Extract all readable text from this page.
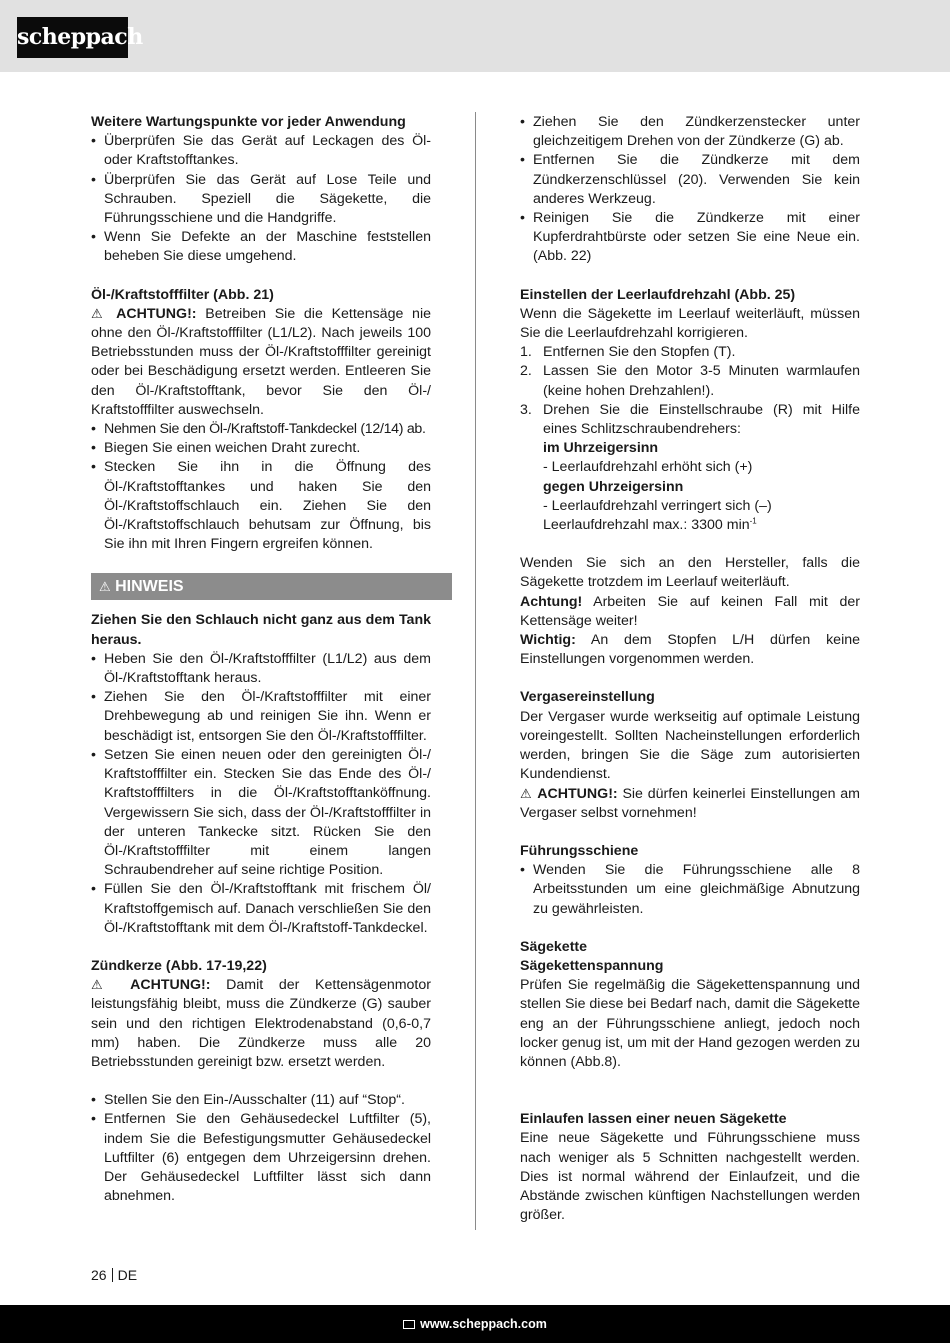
scheppach

Weitere Wartungspunkte vor jeder Anwendung

• Überprüfen Sie das Gerät auf Leckagen des Öl- oder Kraftstofftankes.
• Überprüfen Sie das Gerät auf Lose Teile und Schrauben. Speziell die Sägekette, die Führungsschiene und die Handgriffe.
• Wenn Sie Defekte an der Maschine feststellen beheben Sie diese umgehend.

Öl-/Kraftstofffilter (Abb. 21)

⚠ ACHTUNG!: Betreiben Sie die Kettensäge nie ohne den Öl-/Kraftstofffilter (L1/L2). Nach jeweils 100 Betriebsstunden muss der Öl-/Kraftstofffilter gereinigt oder bei Beschädigung ersetzt werden. Entleeren Sie den Öl-/Kraftstofftank, bevor Sie den Öl-/ Kraftstofffilter auswechseln.

• Nehmen Sie den Öl-/Kraftstoff-Tankdeckel (12/14) ab.
• Biegen Sie einen weichen Draht zurecht.
• Stecken Sie ihn in die Öffnung des Öl-/Kraftstofftankes und haken Sie den Öl-/Kraftstoffschlauch ein. Ziehen Sie den Öl-/Kraftstoffschlauch behutsam zur Öffnung, bis Sie ihn mit Ihren Fingern ergreifen können.
⚠ HINWEIS

Ziehen Sie den Schlauch nicht ganz aus dem Tank heraus.

• Heben Sie den Öl-/Kraftstofffilter (L1/L2) aus dem Öl-/Kraftstofftank heraus.
• Ziehen Sie den Öl-/Kraftstofffilter mit einer Drehbewegung ab und reinigen Sie ihn. Wenn er beschädigt ist, entsorgen Sie den Öl-/Kraftstofffilter.
• Setzen Sie einen neuen oder den gereinigten Öl-/ Kraftstofffilter ein. Stecken Sie das Ende des Öl-/ Kraftstofffilters in die Öl-/Kraftstofftanköffnung. Vergewissern Sie sich, dass der Öl-/Kraftstofffilter in der unteren Tankecke sitzt. Rücken Sie den Öl-/Kraftstofffilter mit einem langen Schraubendreher auf seine richtige Position.
• Füllen Sie den Öl-/Kraftstofftank mit frischem Öl/ Kraftstoffgemisch auf. Danach verschließen Sie den Öl-/Kraftstofftank mit dem Öl-/Kraftstoff-Tankdeckel.

Zündkerze (Abb. 17-19,22)

⚠ ACHTUNG!: Damit der Kettensägenmotor leistungsfähig bleibt, muss die Zündkerze (G) sauber sein und den richtigen Elektrodenabstand (0,6-0,7 mm) haben. Die Zündkerze muss alle 20 Betriebsstunden gereinigt bzw. ersetzt werden.

• Stellen Sie den Ein-/Ausschalter (11) auf “Stop“.
• Entfernen Sie den Gehäusedeckel Luftfilter (5), indem Sie die Befestigungsmutter Gehäusedeckel Luftfilter (6) entgegen dem Uhrzeigersinn drehen. Der Gehäusedeckel Luftfilter lässt sich dann abnehmen.
• Ziehen Sie den Zündkerzenstecker unter gleichzeitigem Drehen von der Zündkerze (G) ab.
• Entfernen Sie die Zündkerze mit dem Zündkerzenschlüssel (20). Verwenden Sie kein anderes Werkzeug.
• Reinigen Sie die Zündkerze mit einer Kupferdrahtbürste oder setzen Sie eine Neue ein. (Abb. 22)

Einstellen der Leerlaufdrehzahl (Abb. 25)

Wenn die Sägekette im Leerlauf weiterläuft, müssen Sie die Leerlaufdrehzahl korrigieren.

1. Entfernen Sie den Stopfen (T).
2. Lassen Sie den Motor 3-5 Minuten warmlaufen (keine hohen Drehzahlen!).
3. Drehen Sie die Einstellschraube (R) mit Hilfe eines Schlitzschraubendrehers:

im Uhrzeigersinn

- Leerlaufdrehzahl erhöht sich (+)

gegen Uhrzeigersinn

- Leerlaufdrehzahl verringert sich (–)

Leerlaufdrehzahl max.: 3300 $\min^{-1}$

Wenden Sie sich an den Hersteller, falls die Sägekette trotzdem im Leerlauf weiterläuft.

Achtung! Arbeiten Sie auf keinen Fall mit der Kettensäge weiter!

Wichtig: An dem Stopfen L/H dürfen keine Einstellungen vorgenommen werden.

Vergasereinstellung

Der Vergaser wurde werkseitig auf optimale Leistung voreingestellt. Sollten Nacheinstellungen erforderlich werden, bringen Sie die Säge zum autorisierten Kundendienst.

⚠ ACHTUNG!: Sie dürfen keinerlei Einstellungen am Vergaser selbst vornehmen!

Führungsschiene

• Wenden Sie die Führungsschiene alle 8 Arbeitsstunden um eine gleichmäßige Abnutzung zu gewährleisten.

Sägekette

Sägekettenspannung

Prüfen Sie regelmäßig die Sägekettenspannung und stellen Sie diese bei Bedarf nach, damit die Sägekette eng an der Führungsschiene anliegt, jedoch noch locker genug ist, um mit der Hand gezogen werden zu können (Abb.8).

Einlaufen lassen einer neuen Sägekette

Eine neue Sägekette und Führungsschiene muss nach weniger als 5 Schnitten nachgestellt werden. Dies ist normal während der Einlaufzeit, und die Abstände zwischen künftigen Nachstellungen werden größer.

26 DE
www.scheppach.com
